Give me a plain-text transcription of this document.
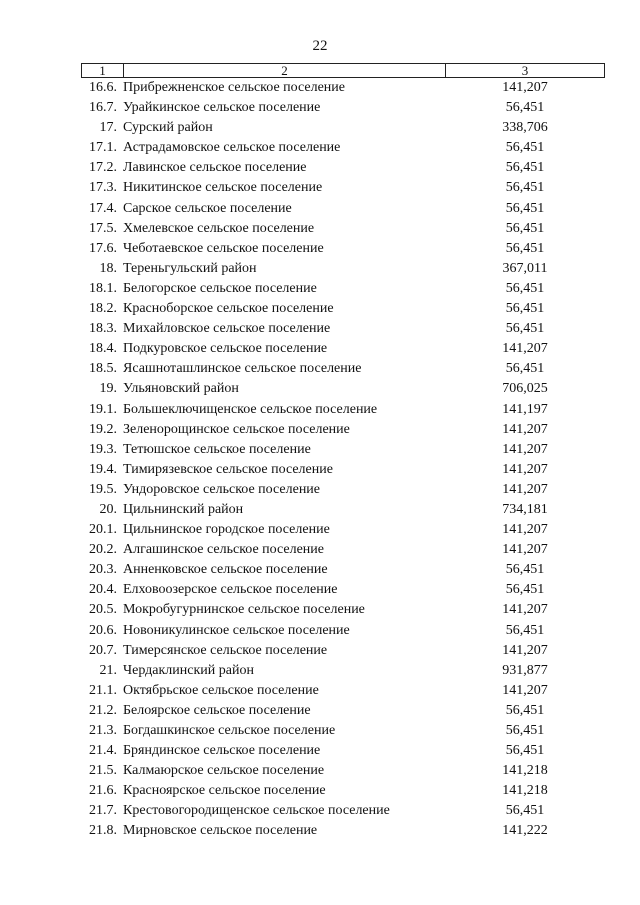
22
1	2	3
16.6. Прибрежненское сельское поселение	141,207
16.7. Урайкинское сельское поселение	56,451
17. Сурский район	338,706
17.1. Астрадамовское сельское поселение	56,451
17.2. Лавинское сельское поселение	56,451
17.3. Никитинское сельское поселение	56,451
17.4. Сарское сельское поселение	56,451
17.5. Хмелевское сельское поселение	56,451
17.6. Чеботаевское сельское поселение	56,451
18. Тереньгульский район	367,011
18.1. Белогорское сельское поселение	56,451
18.2. Красноборское сельское поселение	56,451
18.3. Михайловское сельское поселение	56,451
18.4. Подкуровское сельское поселение	141,207
18.5. Ясашноташлинское сельское поселение	56,451
19. Ульяновский район	706,025
19.1. Большеключищенское сельское поселение	141,197
19.2. Зеленорощинское сельское поселение	141,207
19.3. Тетюшское сельское поселение	141,207
19.4. Тимирязевское сельское поселение	141,207
19.5. Ундоровское сельское поселение	141,207
20. Цильнинский район	734,181
20.1. Цильнинское городское поселение	141,207
20.2. Алгашинское сельское поселение	141,207
20.3. Анненковское сельское поселение	56,451
20.4. Елховоозерское сельское поселение	56,451
20.5. Мокробугурнинское сельское поселение	141,207
20.6. Новоникулинское сельское поселение	56,451
20.7. Тимерсянское сельское поселение	141,207
21. Чердаклинский район	931,877
21.1. Октябрьское сельское поселение	141,207
21.2. Белоярское сельское поселение	56,451
21.3. Богдашкинское сельское поселение	56,451
21.4. Бряндинское сельское поселение	56,451
21.5. Калмаюрское сельское поселение	141,218
21.6. Красноярское сельское поселение	141,218
21.7. Крестовогородищенское сельское поселение	56,451
21.8. Мирновское сельское поселение	141,222
